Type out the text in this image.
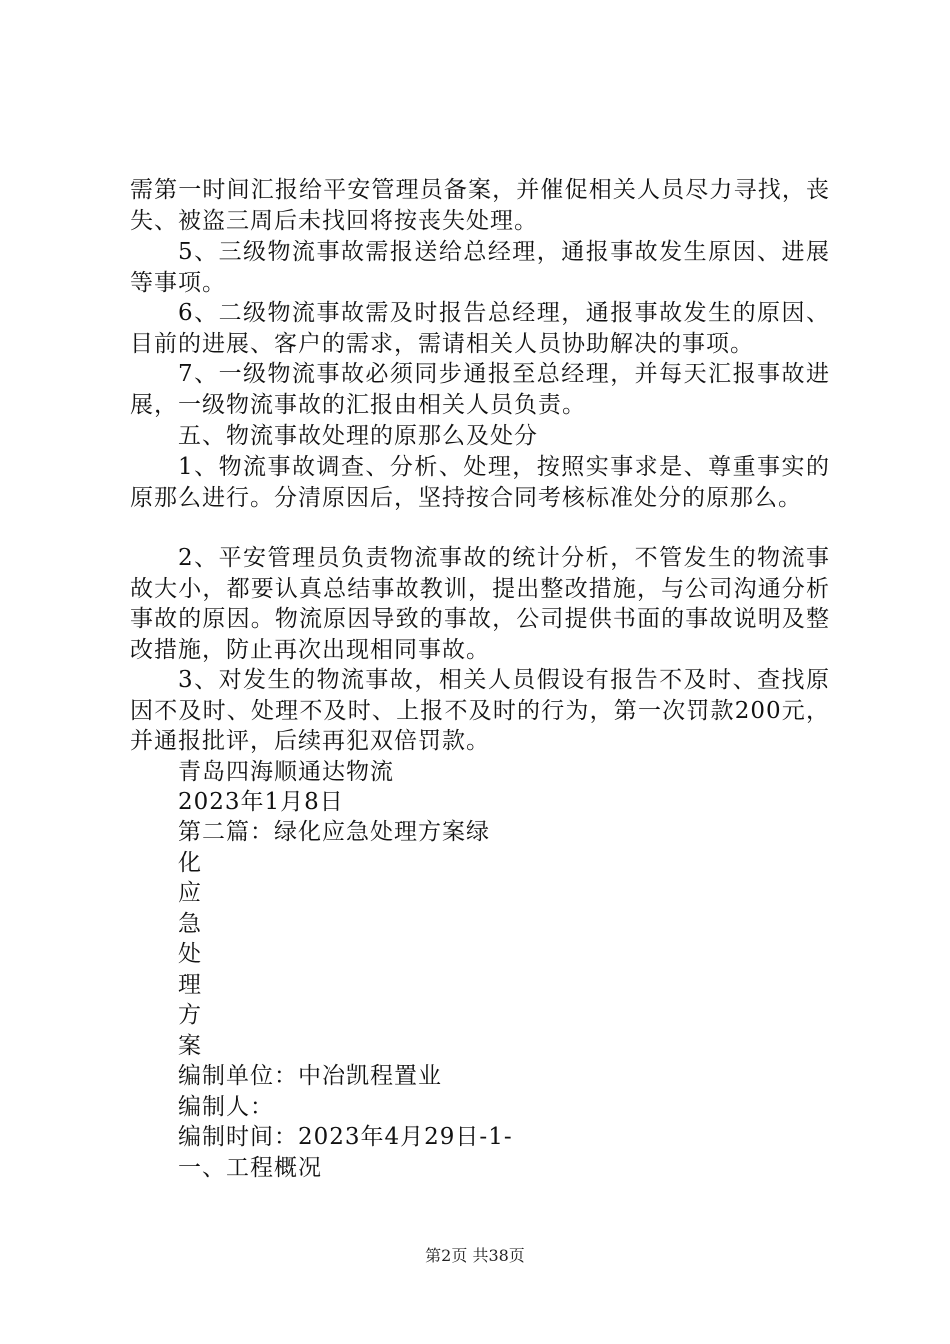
需第一时间汇报给平安管理员备案，并催促相关人员尽力寻找，丧失、被盗三周后未找回将按丧失处理。

5、三级物流事故需报送给总经理，通报事故发生原因、进展等事项。

6、二级物流事故需及时报告总经理，通报事故发生的原因、目前的进展、客户的需求，需请相关人员协助解决的事项。

7、一级物流事故必须同步通报至总经理，并每天汇报事故进展，一级物流事故的汇报由相关人员负责。

五、物流事故处理的原那么及处分

1、物流事故调查、分析、处理，按照实事求是、尊重事实的原那么进行。分清原因后，坚持按合同考核标准处分的原那么。

2、平安管理员负责物流事故的统计分析，不管发生的物流事故大小，都要认真总结事故教训，提出整改措施，与公司沟通分析事故的原因。物流原因导致的事故，公司提供书面的事故说明及整改措施，防止再次出现相同事故。

3、对发生的物流事故，相关人员假设有报告不及时、查找原因不及时、处理不及时、上报不及时的行为，第一次罚款200元，并通报批评，后续再犯双倍罚款。

青岛四海顺通达物流

2023年1月8日

第二篇：绿化应急处理方案绿

化

应

急

处

理

方

案

编制单位：中冶凯程置业

编制人：

编制时间：2023年4月29日-1-

一、工程概况

第2页 共38页
